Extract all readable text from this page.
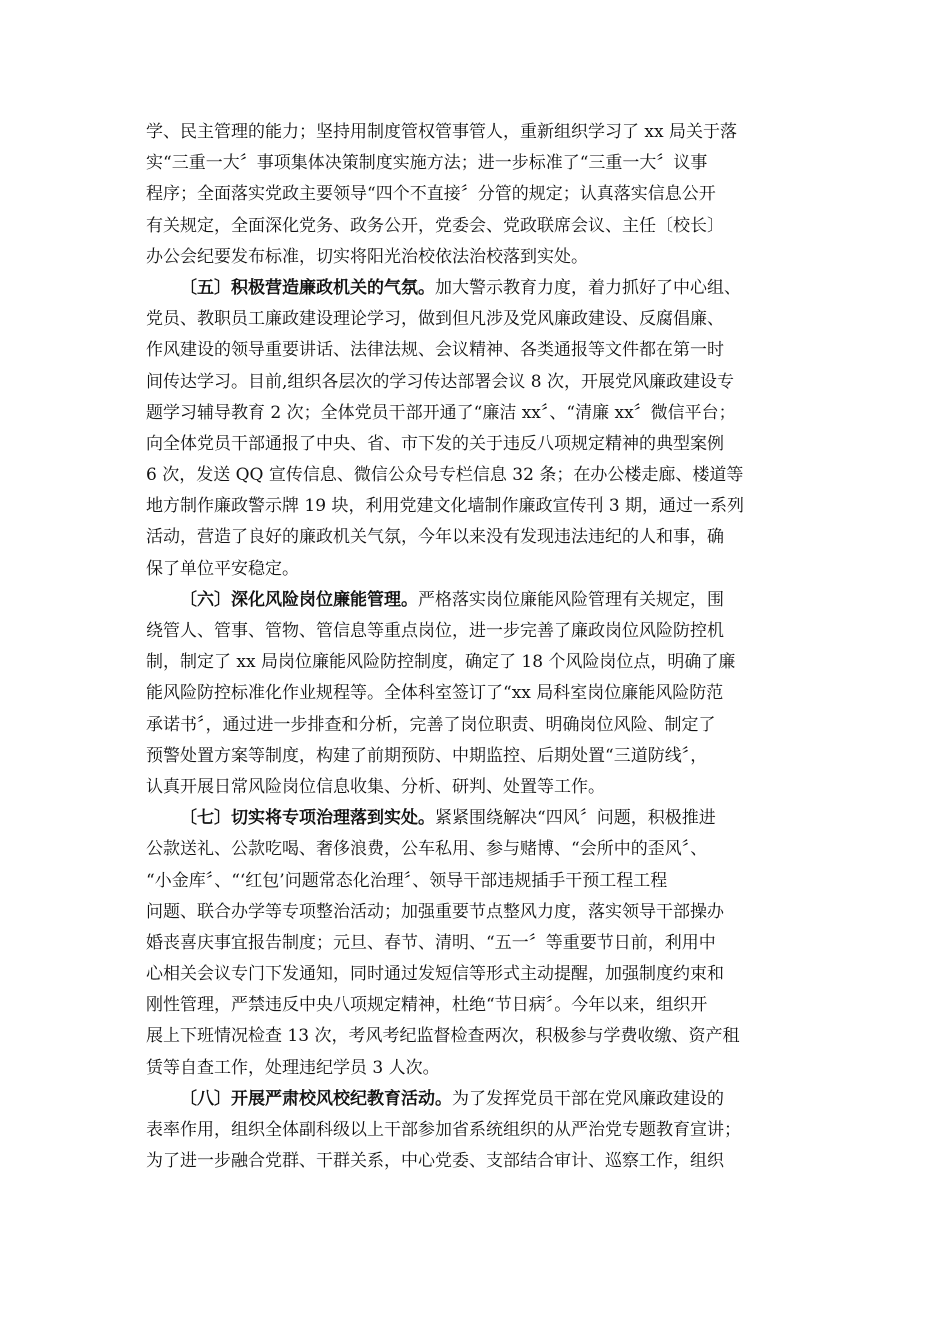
学、民主管理的能力；坚持用制度管权管事管人，重新组织学习了 xx 局关于落
实“三重一大〞事项集体决策制度实施方法；进一步标准了“三重一大〞议事
程序；全面落实党政主要领导“四个不直接〞分管的规定；认真落实信息公开
有关规定，全面深化党务、政务公开，党委会、党政联席会议、主任〔校长〕
办公会纪要发布标准，切实将阳光治校依法治校落到实处。
〔五〕积极营造廉政机关的气氛。加大警示教育力度，着力抓好了中心组、
党员、教职员工廉政建设理论学习，做到但凡涉及党风廉政建设、反腐倡廉、
作风建设的领导重要讲话、法律法规、会议精神、各类通报等文件都在第一时
间传达学习。目前,组织各层次的学习传达部署会议 8 次，开展党风廉政建设专
题学习辅导教育 2 次；全体党员干部开通了“廉洁 xx〞、“清廉 xx〞微信平台；
向全体党员干部通报了中央、省、市下发的关于违反八项规定精神的典型案例
6 次，发送 QQ 宣传信息、微信公众号专栏信息 32 条；在办公楼走廊、楼道等
地方制作廉政警示牌 19 块，利用党建文化墙制作廉政宣传刊 3 期，通过一系列
活动，营造了良好的廉政机关气氛，今年以来没有发现违法违纪的人和事，确
保了单位平安稳定。
〔六〕深化风险岗位廉能管理。严格落实岗位廉能风险管理有关规定，围
绕管人、管事、管物、管信息等重点岗位，进一步完善了廉政岗位风险防控机
制，制定了 xx 局岗位廉能风险防控制度，确定了 18 个风险岗位点，明确了廉
能风险防控标准化作业规程等。全体科室签订了“xx 局科室岗位廉能风险防范
承诺书〞，通过进一步排查和分析，完善了岗位职责、明确岗位风险、制定了
预警处置方案等制度，构建了前期预防、中期监控、后期处置“三道防线〞，
认真开展日常风险岗位信息收集、分析、研判、处置等工作。
〔七〕切实将专项治理落到实处。紧紧围绕解决“四风〞问题，积极推进
公款送礼、公款吃喝、奢侈浪费，公车私用、参与赌博、“会所中的歪风〞、
“小金库〞、“‘红包’问题常态化治理〞、领导干部违规插手干预工程工程
问题、联合办学等专项整治活动；加强重要节点整风力度，落实领导干部操办
婚丧喜庆事宜报告制度；元旦、春节、清明、“五一〞等重要节日前，利用中
心相关会议专门下发通知，同时通过发短信等形式主动提醒，加强制度约束和
刚性管理，严禁违反中央八项规定精神，杜绝“节日病〞。今年以来，组织开
展上下班情况检查 13 次，考风考纪监督检查两次，积极参与学费收缴、资产租
赁等自查工作，处理违纪学员 3 人次。
〔八〕开展严肃校风校纪教育活动。为了发挥党员干部在党风廉政建设的
表率作用，组织全体副科级以上干部参加省系统组织的从严治党专题教育宣讲；
为了进一步融合党群、干群关系，中心党委、支部结合审计、巡察工作，组织
